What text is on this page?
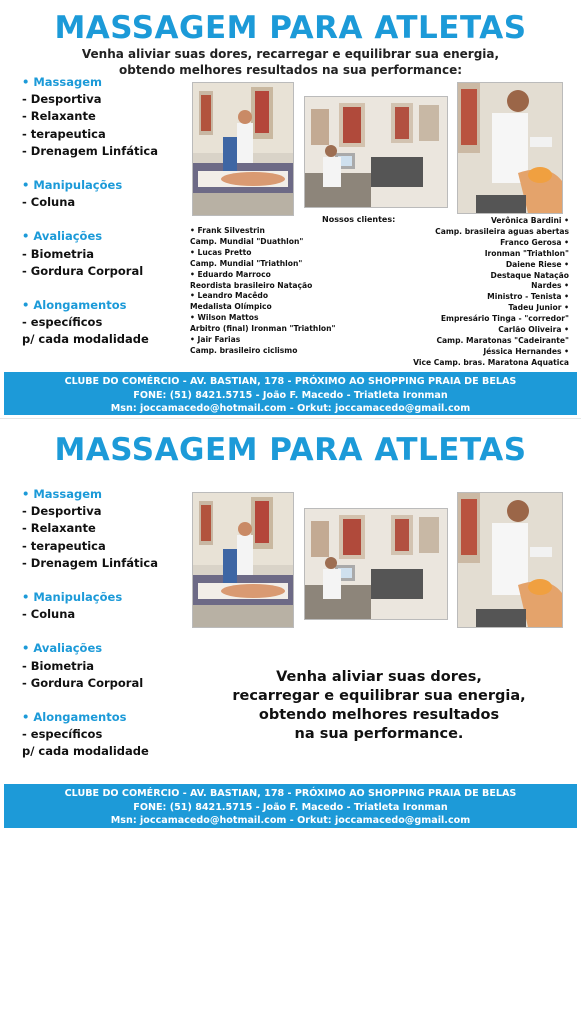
MASSAGEM PARA ATLETAS
Venha aliviar suas dores, recarregar e equilibrar sua energia,
obtendo melhores resultados na sua performance:
• Massagem
- Desportiva
- Relaxante
- terapeutica
- Drenagem Linfática
• Manipulações
- Coluna
• Avaliações
- Biometria
- Gordura Corporal
• Alongamentos
- específicos
p/ cada modalidade
Nossos clientes:
• Frank Silvestrin
Camp. Mundial "Duathlon"
• Lucas Pretto
Camp. Mundial "Triathlon"
• Eduardo Marroco
Reordista brasileiro Natação
• Leandro Macêdo
Medalista Olímpico
• Wilson Mattos
Arbitro (final) Ironman "Triathlon"
• Jair Farias
Camp. brasileiro ciclismo
Verônica Bardini •
Camp. brasileira aguas abertas
Franco Gerosa •
Ironman "Triathlon"
Daiene Riese •
Destaque Natação
Nardes •
Ministro - Tenista •
Tadeu Junior •
Empresário Tinga - "corredor"
Carlão Oliveira •
Camp. Maratonas "Cadeirante"
Jéssica Hernandes •
Vice Camp. bras. Maratona Aquatica
CLUBE DO COMÉRCIO - AV. BASTIAN, 178 - PRÓXIMO AO SHOPPING PRAIA DE BELAS
FONE: (51) 8421.5715 - João F. Macedo - Triatleta Ironman
Msn: joccamacedo@hotmail.com - Orkut: joccamacedo@gmail.com
MASSAGEM PARA ATLETAS
• Massagem
- Desportiva
- Relaxante
- terapeutica
- Drenagem Linfática
• Manipulações
- Coluna
• Avaliações
- Biometria
- Gordura Corporal
• Alongamentos
- específicos
p/ cada modalidade
Venha aliviar suas dores,
recarregar e equilibrar sua energia,
obtendo melhores resultados
na sua performance.
CLUBE DO COMÉRCIO - AV. BASTIAN, 178 - PRÓXIMO AO SHOPPING PRAIA DE BELAS
FONE: (51) 8421.5715 - João F. Macedo - Triatleta Ironman
Msn: joccamacedo@hotmail.com - Orkut: joccamacedo@gmail.com
